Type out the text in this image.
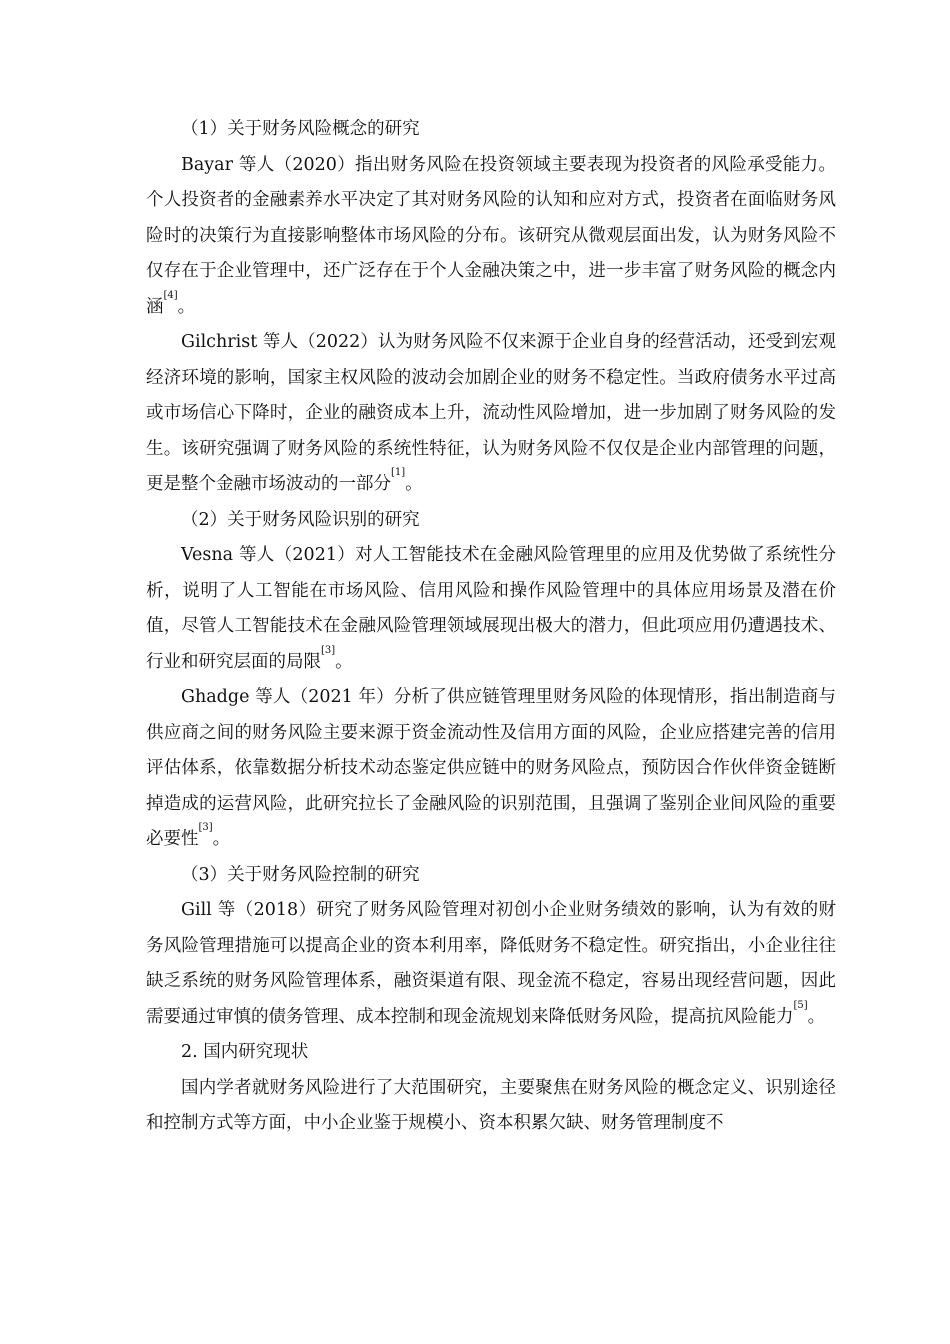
（1）关于财务风险概念的研究

Bayar 等人（2020）指出财务风险在投资领域主要表现为投资者的风险承受能力。个人投资者的金融素养水平决定了其对财务风险的认知和应对方式，投资者在面临财务风险时的决策行为直接影响整体市场风险的分布。该研究从微观层面出发，认为财务风险不仅存在于企业管理中，还广泛存在于个人金融决策之中，进一步丰富了财务风险的概念内涵[4]。

Gilchrist 等人（2022）认为财务风险不仅来源于企业自身的经营活动，还受到宏观经济环境的影响，国家主权风险的波动会加剧企业的财务不稳定性。当政府债务水平过高或市场信心下降时，企业的融资成本上升，流动性风险增加，进一步加剧了财务风险的发生。该研究强调了财务风险的系统性特征，认为财务风险不仅仅是企业内部管理的问题，更是整个金融市场波动的一部分[1]。

（2）关于财务风险识别的研究

Vesna 等人（2021）对人工智能技术在金融风险管理里的应用及优势做了系统性分析，说明了人工智能在市场风险、信用风险和操作风险管理中的具体应用场景及潜在价值，尽管人工智能技术在金融风险管理领域展现出极大的潜力，但此项应用仍遭遇技术、行业和研究层面的局限[3]。

Ghadge 等人（2021 年）分析了供应链管理里财务风险的体现情形，指出制造商与供应商之间的财务风险主要来源于资金流动性及信用方面的风险，企业应搭建完善的信用评估体系，依靠数据分析技术动态鉴定供应链中的财务风险点，预防因合作伙伴资金链断掉造成的运营风险，此研究拉长了金融风险的识别范围，且强调了鉴别企业间风险的重要必要性[3]。

（3）关于财务风险控制的研究

Gill 等（2018）研究了财务风险管理对初创小企业财务绩效的影响，认为有效的财务风险管理措施可以提高企业的资本利用率，降低财务不稳定性。研究指出，小企业往往缺乏系统的财务风险管理体系，融资渠道有限、现金流不稳定，容易出现经营问题，因此需要通过审慎的债务管理、成本控制和现金流规划来降低财务风险，提高抗风险能力[5]。

2. 国内研究现状

国内学者就财务风险进行了大范围研究，主要聚焦在财务风险的概念定义、识别途径和控制方式等方面，中小企业鉴于规模小、资本积累欠缺、财务管理制度不
